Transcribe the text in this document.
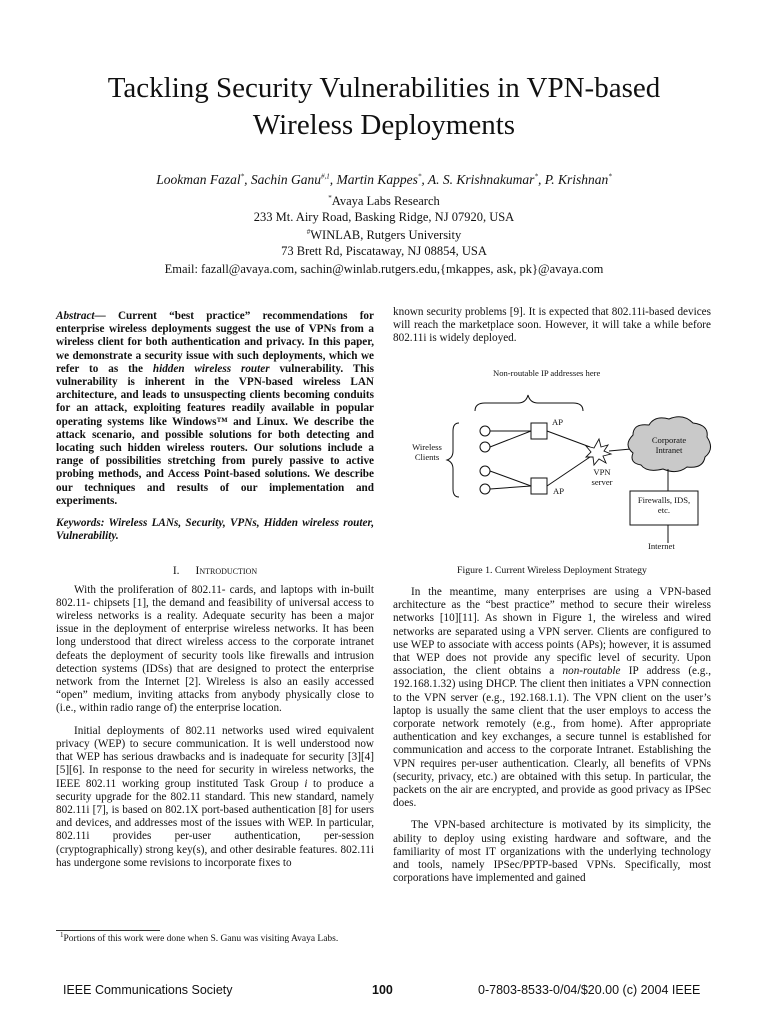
Tackling Security Vulnerabilities in VPN-based
Wireless Deployments
Lookman Fazal*, Sachin Ganu$^{\#,1}$, Martin Kappes*, A. S. Krishnakumar*, P. Krishnan*
*Avaya Labs Research
233 Mt. Airy Road, Basking Ridge, NJ 07920, USA
#WINLAB, Rutgers University
73 Brett Rd, Piscataway, NJ 08854, USA
Email: fazall@avaya.com, sachin@winlab.rutgers.edu,{mkappes, ask, pk}@avaya.com

Abstract— Current “best practice” recommendations for enterprise wireless deployments suggest the use of VPNs from a wireless client for both authentication and privacy. In this paper, we demonstrate a security issue with such deployments, which we refer to as the hidden wireless router vulnerability. This vulnerability is inherent in the VPN-based wireless LAN architecture, and leads to unsuspecting clients becoming conduits for an attack, exploiting features readily available in popular operating systems like Windows™ and Linux. We describe the attack scenario, and possible solutions for both detecting and locating such hidden wireless routers. Our solutions include a range of possibilities stretching from purely passive to active probing methods, and Access Point-based solutions. We describe our techniques and results of our implementation and experiments.

Keywords: Wireless LANs, Security, VPNs, Hidden wireless router, Vulnerability.

I. Introduction

With the proliferation of 802.11- cards, and laptops with in-built 802.11- chipsets [1], the demand and feasibility of universal access to wireless networks is a reality. Adequate security has been a major issue in the deployment of enterprise wireless networks. It has been long understood that direct wireless access to the corporate intranet defeats the deployment of security tools like firewalls and intrusion detection systems (IDSs) that are designed to protect the enterprise network from the Internet [2]. Wireless is also an easily accessed “open” medium, inviting attacks from anybody physically close to (i.e., within radio range of) the enterprise location.

Initial deployments of 802.11 networks used wired equivalent privacy (WEP) to secure communication. It is well understood now that WEP has serious drawbacks and is inadequate for security [3][4][5][6]. In response to the need for security in wireless networks, the IEEE 802.11 working group instituted Task Group i to produce a security upgrade for the 802.11 standard. This new standard, namely 802.11i [7], is based on 802.1X port-based authentication [8] for users and devices, and addresses most of the issues with WEP. In particular, 802.11i provides per-user authentication, per-session (cryptographically) strong key(s), and other desirable features. 802.11i has undergone some revisions to incorporate fixes to

$^1$Portions of this work were done when S. Ganu was visiting Avaya Labs.

known security problems [9]. It is expected that 802.11i-based devices will reach the marketplace soon. However, it will take a while before 802.11i is widely deployed.

Non-routable IP addresses here
Wireless Clients
AP
AP
VPN server
Corporate Intranet
Firewalls, IDS, etc.
Internet
Figure 1. Current Wireless Deployment Strategy

In the meantime, many enterprises are using a VPN-based architecture as the “best practice” method to secure their wireless networks [10][11]. As shown in Figure 1, the wireless and wired networks are separated using a VPN server. Clients are configured to use WEP to associate with access points (APs); however, it is assumed that WEP does not provide any specific level of security. Upon association, the client obtains a non-routable IP address (e.g., 192.168.1.32) using DHCP. The client then initiates a VPN connection to the VPN server (e.g., 192.168.1.1). The VPN client on the user’s laptop is usually the same client that the user employs to access the corporate network remotely (e.g., from home). After appropriate authentication and key exchanges, a secure tunnel is established for communication and access to the corporate Intranet. Establishing the VPN requires per-user authentication. Clearly, all benefits of VPNs (security, privacy, etc.) are obtained with this setup. In particular, the packets on the air are encrypted, and provide as good privacy as IPSec does.

The VPN-based architecture is motivated by its simplicity, the ability to deploy using existing hardware and software, and the familiarity of most IT organizations with the underlying technology and tools, namely IPSec/PPTP-based VPNs. Specifically, most corporations have implemented and gained

IEEE Communications Society	100	0-7803-8533-0/04/$20.00 (c) 2004 IEEE
